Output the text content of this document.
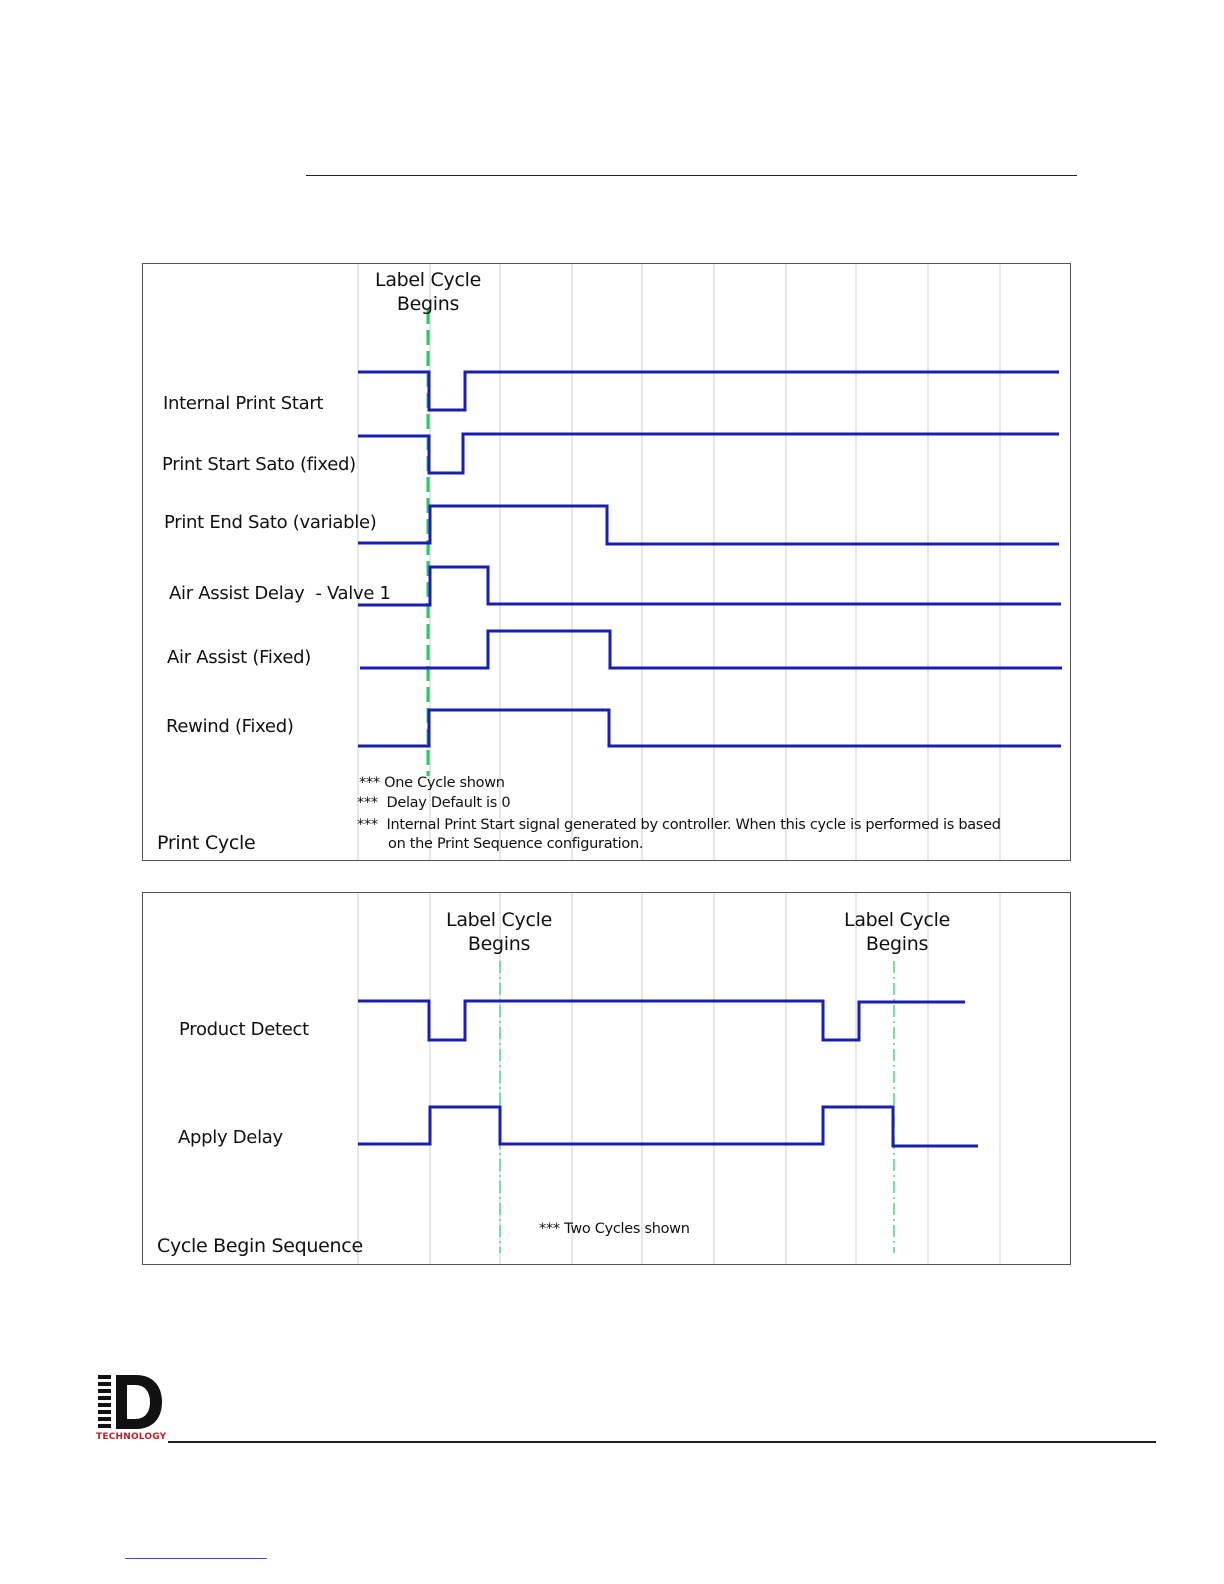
Label Cycle
Begins
Internal Print Start
Print Start Sato (fixed)
Print End Sato (variable)
Air Assist Delay  - Valve 1
Air Assist (Fixed)
Rewind (Fixed)
*** One Cycle shown
***  Delay Default is 0
***  Internal Print Start signal generated by controller. When this cycle is performed is based
on the Print Sequence configuration.
Print Cycle
Label Cycle
Begins
Label Cycle
Begins
Product Detect
Apply Delay
*** Two Cycles shown
Cycle Begin Sequence
TECHNOLOGY
